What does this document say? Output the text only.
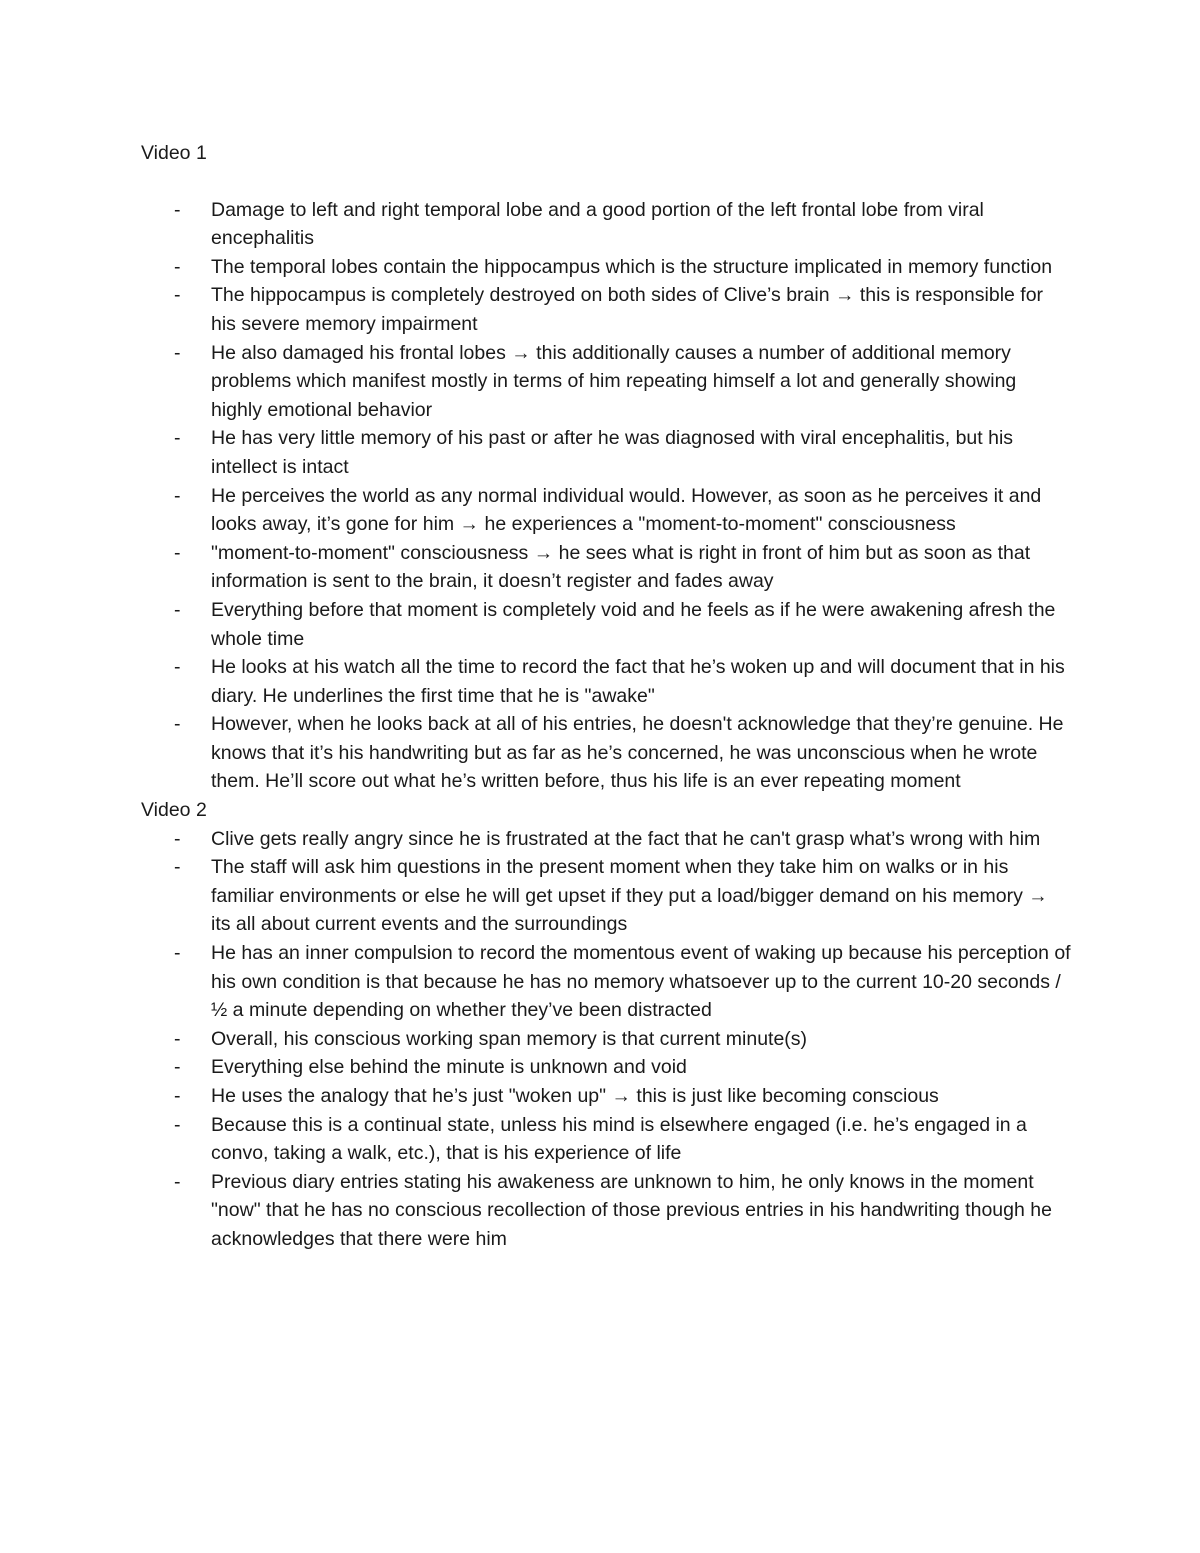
Video 1
- Damage to left and right temporal lobe and a good portion of the left frontal lobe from viral encephalitis
- The temporal lobes contain the hippocampus which is the structure implicated in memory function
- The hippocampus is completely destroyed on both sides of Clive’s brain → this is responsible for his severe memory impairment
- He also damaged his frontal lobes → this additionally causes a number of additional memory problems which manifest mostly in terms of him repeating himself a lot and generally showing highly emotional behavior
- He has very little memory of his past or after he was diagnosed with viral encephalitis, but his intellect is intact
- He perceives the world as any normal individual would. However, as soon as he perceives it and looks away, it’s gone for him → he experiences a "moment-to-moment" consciousness
- "moment-to-moment" consciousness → he sees what is right in front of him but as soon as that information is sent to the brain, it doesn’t register and fades away
- Everything before that moment is completely void and he feels as if he were awakening afresh the whole time
- He looks at his watch all the time to record the fact that he’s woken up and will document that in his diary. He underlines the first time that he is "awake"
- However, when he looks back at all of his entries, he doesn't acknowledge that they’re genuine. He knows that it’s his handwriting but as far as he’s concerned, he was unconscious when he wrote them. He’ll score out what he’s written before, thus his life is an ever repeating moment
Video 2
- Clive gets really angry since he is frustrated at the fact that he can't grasp what’s wrong with him
- The staff will ask him questions in the present moment when they take him on walks or in his familiar environments or else he will get upset if they put a load/bigger demand on his memory → its all about current events and the surroundings
- He has an inner compulsion to record the momentous event of waking up because his perception of his own condition is that because he has no memory whatsoever up to the current 10-20 seconds / ½ a minute depending on whether they’ve been distracted
- Overall, his conscious working span memory is that current minute(s)
- Everything else behind the minute is unknown and void
- He uses the analogy that he’s just "woken up" → this is just like becoming conscious
- Because this is a continual state, unless his mind is elsewhere engaged (i.e. he’s engaged in a convo, taking a walk, etc.), that is his experience of life
- Previous diary entries stating his awakeness are unknown to him, he only knows in the moment "now" that he has no conscious recollection of those previous entries in his handwriting though he acknowledges that there were him
